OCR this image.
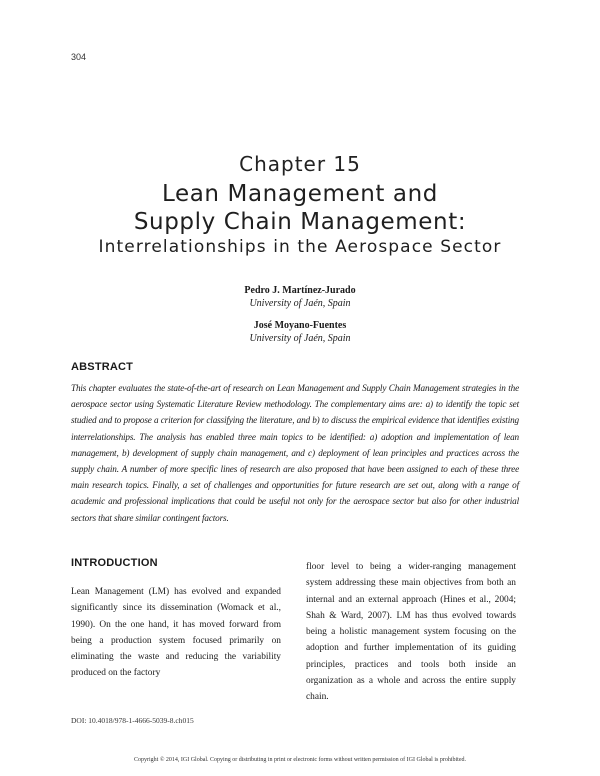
304
Chapter 15
Lean Management and
Supply Chain Management:
Interrelationships in the Aerospace Sector
Pedro J. Martínez-Jurado
University of Jaén, Spain
José Moyano-Fuentes
University of Jaén, Spain
ABSTRACT
This chapter evaluates the state-of-the-art of research on Lean Management and Supply Chain Management strategies in the aerospace sector using Systematic Literature Review methodology. The complementary aims are: a) to identify the topic set studied and to propose a criterion for classifying the literature, and b) to discuss the empirical evidence that identifies existing interrelationships. The analysis has enabled three main topics to be identified: a) adoption and implementation of lean management, b) development of supply chain management, and c) deployment of lean principles and practices across the supply chain. A number of more specific lines of research are also proposed that have been assigned to each of these three main research topics. Finally, a set of challenges and opportunities for future research are set out, along with a range of academic and professional implications that could be useful not only for the aerospace sector but also for other industrial sectors that share similar contingent factors.
INTRODUCTION
Lean Management (LM) has evolved and expanded significantly since its dissemination (Womack et al., 1990). On the one hand, it has moved forward from being a production system focused primarily on eliminating the waste and reducing the variability produced on the factory
floor level to being a wider-ranging management system addressing these main objectives from both an internal and an external approach (Hines et al., 2004; Shah & Ward, 2007). LM has thus evolved towards being a holistic management system focusing on the adoption and further implementation of its guiding principles, practices and tools both inside an organization as a whole and across the entire supply chain.
DOI: 10.4018/978-1-4666-5039-8.ch015
Copyright © 2014, IGI Global. Copying or distributing in print or electronic forms without written permission of IGI Global is prohibited.
